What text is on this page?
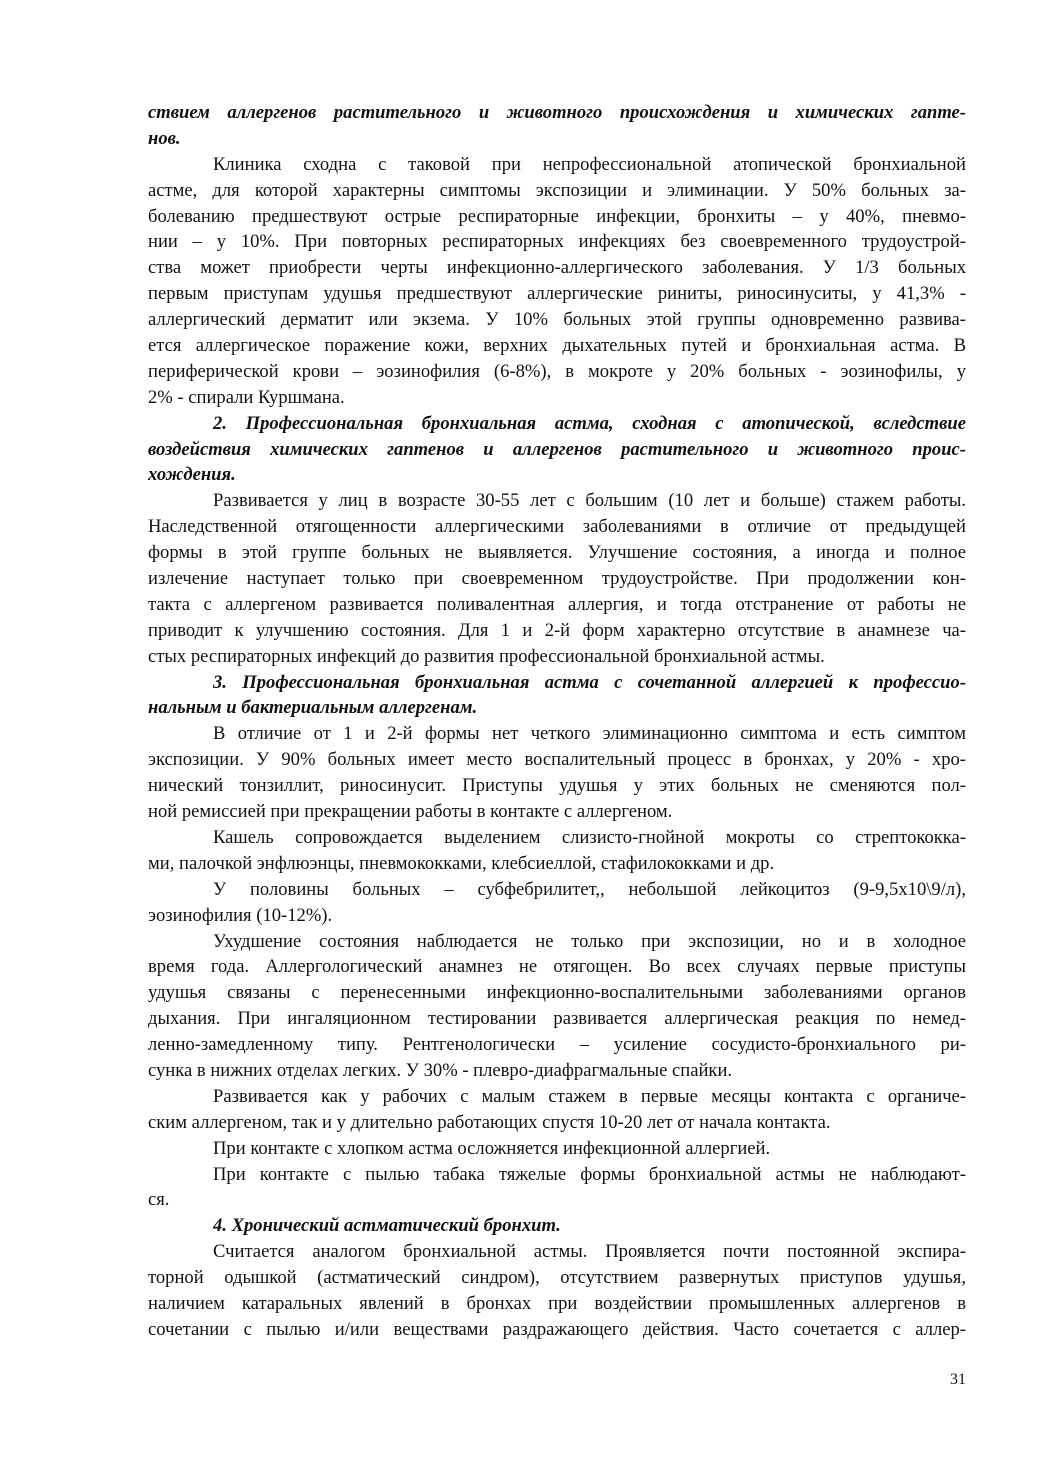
ствием аллергенов растительного и животного происхождения и химических гапте-
нов.
Клиника сходна с таковой при непрофессиональной атопической бронхиальной
астме, для которой характерны симптомы экспозиции и элиминации. У 50% больных за-
болеванию предшествуют острые респираторные инфекции, бронхиты – у 40%, пневмо-
нии – у 10%. При повторных респираторных инфекциях без своевременного трудоустрой-
ства может приобрести черты инфекционно-аллергического заболевания. У 1/3 больных
первым приступам удушья предшествуют аллергические риниты, риносинуситы, у 41,3% -
аллергический дерматит или экзема. У 10% больных этой группы одновременно развива-
ется аллергическое поражение кожи, верхних дыхательных путей и бронхиальная астма. В
периферической крови – эозинофилия (6-8%), в мокроте у 20% больных - эозинофилы, у
2% - спирали Куршмана.
2. Профессиональная бронхиальная астма, сходная с атопической, вследствие
воздействия химических гаптенов и аллергенов растительного и животного проис-
хождения.
Развивается у лиц в возрасте 30-55 лет с большим (10 лет и больше) стажем работы.
Наследственной отягощенности аллергическими заболеваниями в отличие от предыдущей
формы в этой группе больных не выявляется. Улучшение состояния, а иногда и полное
излечение наступает только при своевременном трудоустройстве. При продолжении кон-
такта с аллергеном развивается поливалентная аллергия, и тогда отстранение от работы не
приводит к улучшению состояния. Для 1 и 2-й форм характерно отсутствие в анамнезе ча-
стых респираторных инфекций до развития профессиональной бронхиальной астмы.
3. Профессиональная бронхиальная астма с сочетанной аллергией к профессио-
нальным и бактериальным аллергенам.
В отличие от 1 и 2-й формы нет четкого элиминационно симптома и есть симптом
экспозиции. У 90% больных имеет место воспалительный процесс в бронхах, у 20% - хро-
нический тонзиллит, риносинусит. Приступы удушья у этих больных не сменяются пол-
ной ремиссией при прекращении работы в контакте с аллергеном.
Кашель сопровождается выделением слизисто-гнойной мокроты со стрептококка-
ми, палочкой энфлюэнцы, пневмококками, клебсиеллой, стафилококками и др.
У половины больных – субфебрилитет,, небольшой лейкоцитоз (9-9,5х10\9/л),
эозинофилия (10-12%).
Ухудшение состояния наблюдается не только при экспозиции, но и в холодное
время года. Аллергологический анамнез не отягощен. Во всех случаях первые приступы
удушья связаны с перенесенными инфекционно-воспалительными заболеваниями органов
дыхания. При ингаляционном тестировании развивается аллергическая реакция по немед-
ленно-замедленному типу. Рентгенологически – усиление сосудисто-бронхиального ри-
сунка в нижних отделах легких. У 30% - плевро-диафрагмальные спайки.
Развивается как у рабочих с малым стажем в первые месяцы контакта с органиче-
ским аллергеном, так и у длительно работающих спустя 10-20 лет от начала контакта.
При контакте с хлопком астма осложняется инфекционной аллергией.
При контакте с пылью табака тяжелые формы бронхиальной астмы не наблюдают-
ся.
4. Хронический астматический бронхит.
Считается аналогом бронхиальной астмы. Проявляется почти постоянной экспира-
торной одышкой (астматический синдром), отсутствием развернутых приступов удушья,
наличием катаральных явлений в бронхах при воздействии промышленных аллергенов в
сочетании с пылью и/или веществами раздражающего действия. Часто сочетается с аллер-
31
